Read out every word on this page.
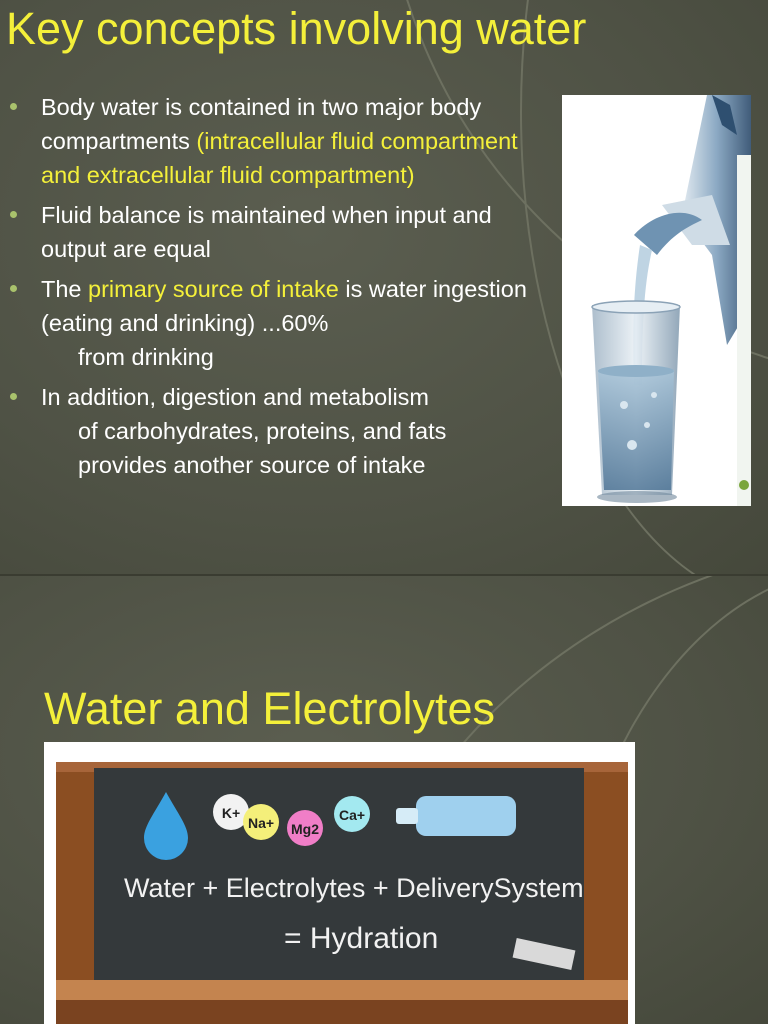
Key concepts involving water
Body water is contained in two major body compartments (intracellular fluid compartment and extracellular fluid compartment)
Fluid balance is maintained when input and output are equal
The primary source of intake is water ingestion (eating and drinking) ...60%
from drinking
In addition, digestion and metabolism
of carbohydrates, proteins, and fats
provides another source of intake
Water and Electrolytes
K+
Na+ Mg2
Ca+
Water + Electrolytes + DeliverySystem
= Hydration
